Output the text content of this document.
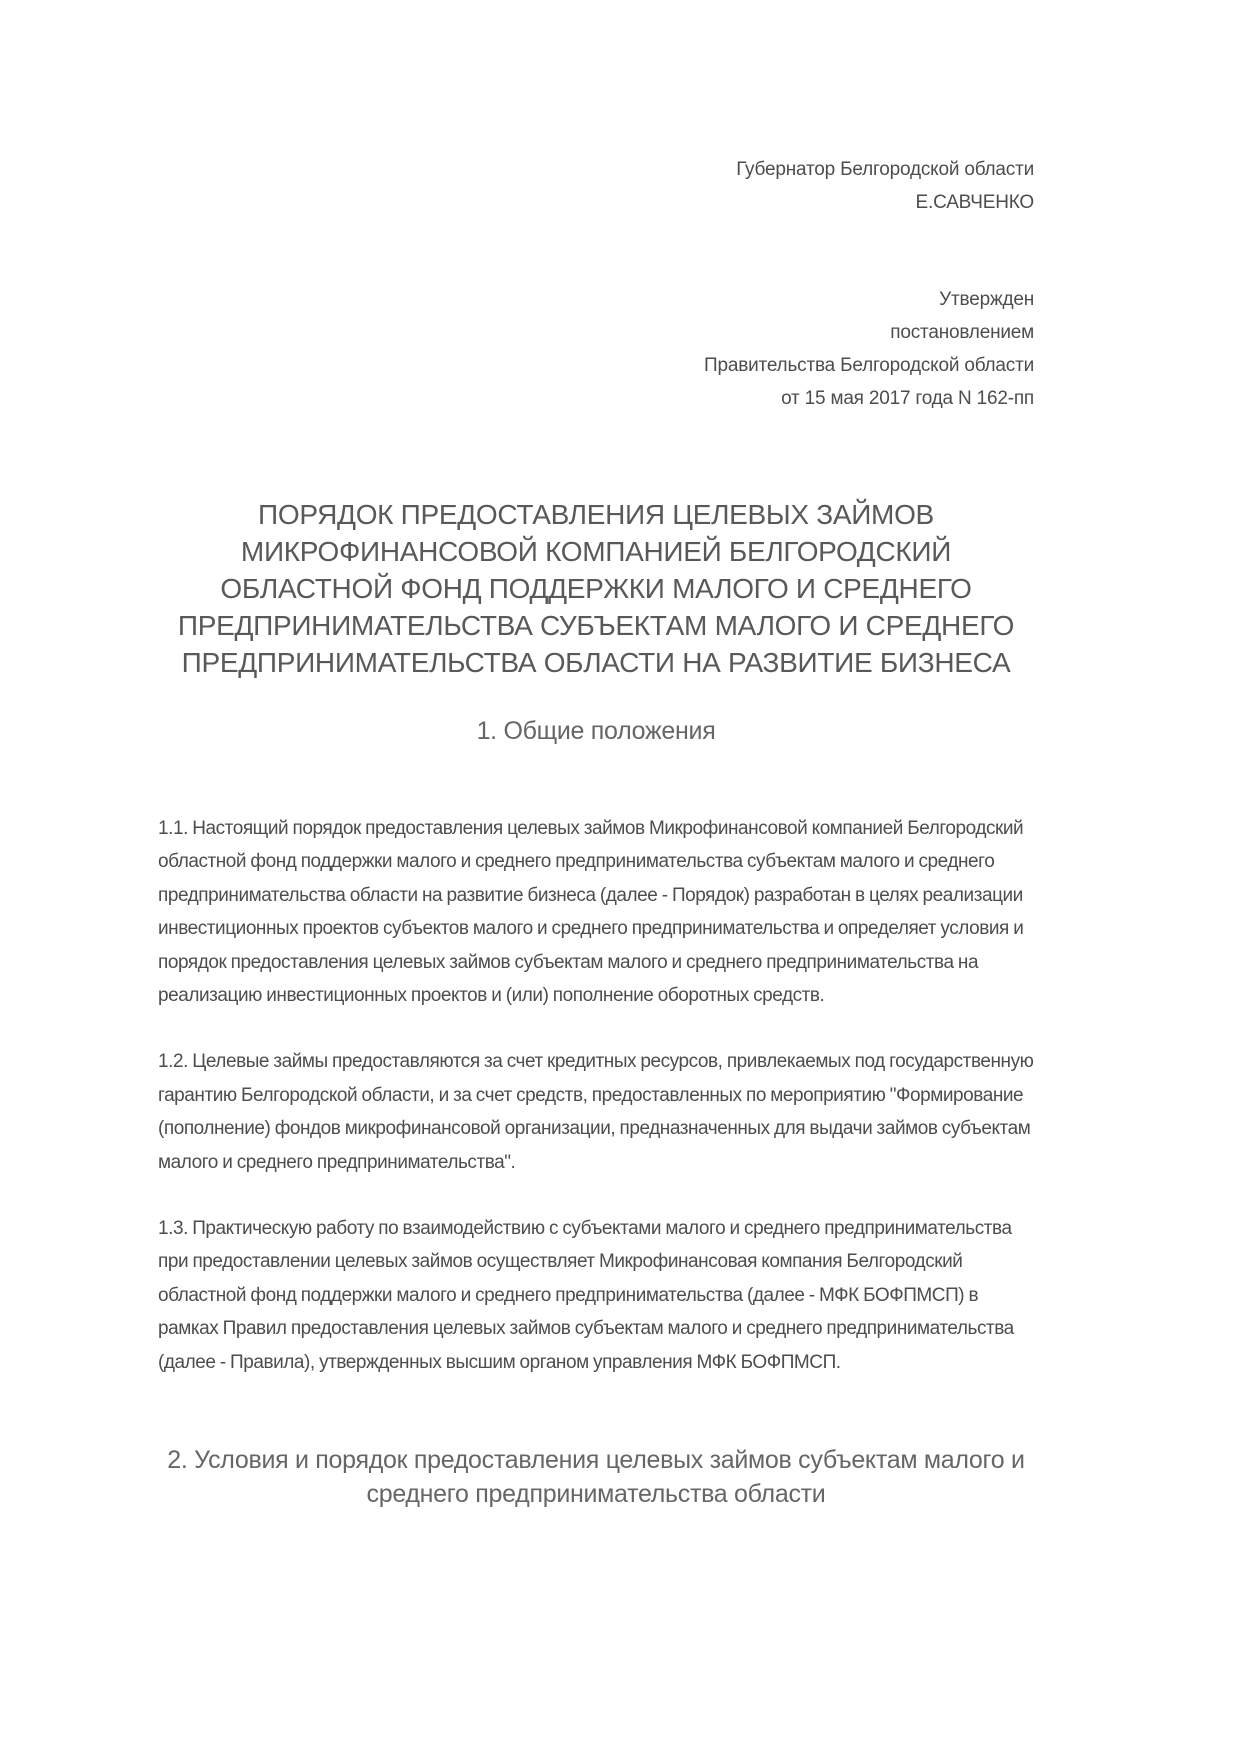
Губернатор Белгородской области
Е.САВЧЕНКО
Утвержден
постановлением
Правительства Белгородской области
от 15 мая 2017 года N 162-пп
ПОРЯДОК ПРЕДОСТАВЛЕНИЯ ЦЕЛЕВЫХ ЗАЙМОВ МИКРОФИНАНСОВОЙ КОМПАНИЕЙ БЕЛГОРОДСКИЙ ОБЛАСТНОЙ ФОНД ПОДДЕРЖКИ МАЛОГО И СРЕДНЕГО ПРЕДПРИНИМАТЕЛЬСТВА СУБЪЕКТАМ МАЛОГО И СРЕДНЕГО ПРЕДПРИНИМАТЕЛЬСТВА ОБЛАСТИ НА РАЗВИТИЕ БИЗНЕСА
1. Общие положения

1.1. Настоящий порядок предоставления целевых займов Микрофинансовой компанией Белгородский областной фонд поддержки малого и среднего предпринимательства субъектам малого и среднего предпринимательства области на развитие бизнеса (далее - Порядок) разработан в целях реализации инвестиционных проектов субъектов малого и среднего предпринимательства и определяет условия и порядок предоставления целевых займов субъектам малого и среднего предпринимательства на реализацию инвестиционных проектов и (или) пополнение оборотных средств.

1.2. Целевые займы предоставляются за счет кредитных ресурсов, привлекаемых под государственную гарантию Белгородской области, и за счет средств, предоставленных по мероприятию "Формирование (пополнение) фондов микрофинансовой организации, предназначенных для выдачи займов субъектам малого и среднего предпринимательства".

1.3. Практическую работу по взаимодействию с субъектами малого и среднего предпринимательства при предоставлении целевых займов осуществляет Микрофинансовая компания Белгородский областной фонд поддержки малого и среднего предпринимательства (далее - МФК БОФПМСП) в рамках Правил предоставления целевых займов субъектам малого и среднего предпринимательства (далее - Правила), утвержденных высшим органом управления МФК БОФПМСП.

2. Условия и порядок предоставления целевых займов субъектам малого и среднего предпринимательства области
